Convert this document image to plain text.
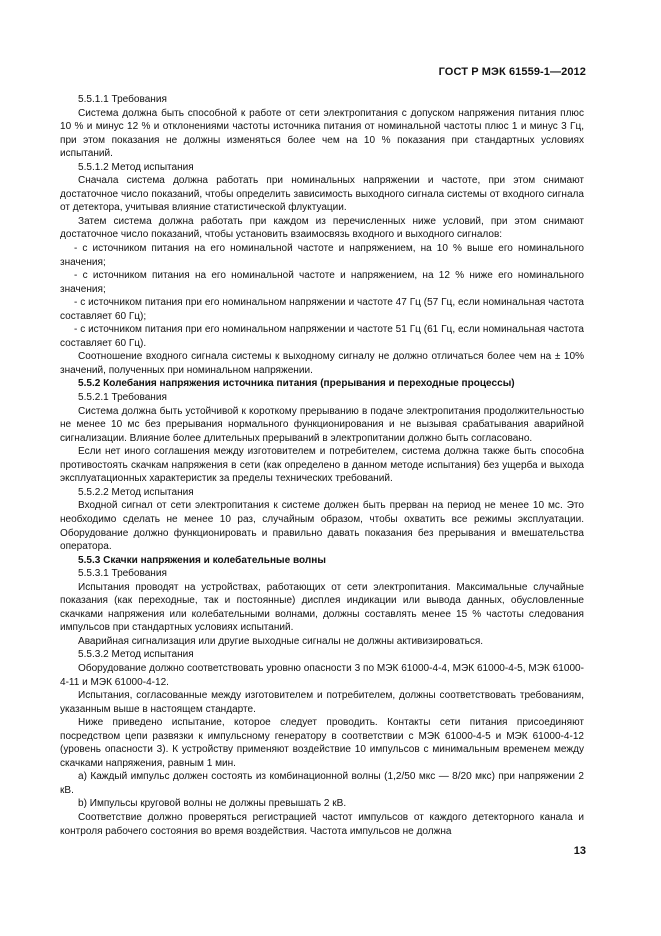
ГОСТ Р МЭК 61559-1—2012

5.5.1.1 Требования

Система должна быть способной к работе от сети электропитания с допуском напряжения питания плюс 10 % и минус 12 % и отклонениями частоты источника питания от номинальной частоты плюс 1 и минус 3 Гц, при этом показания не должны изменяться более чем на 10 % показания при стандартных условиях испытаний.

5.5.1.2 Метод испытания

Сначала система должна работать при номинальных напряжении и частоте, при этом снимают достаточное число показаний, чтобы определить зависимость выходного сигнала системы от входного сигнала от детектора, учитывая влияние статистической флуктуации.

Затем система должна работать при каждом из перечисленных ниже условий, при этом снимают достаточное число показаний, чтобы установить взаимосвязь входного и выходного сигналов:

- с источником питания на его номинальной частоте и напряжением, на 10 % выше его номинального значения;

- с источником питания на его номинальной частоте и напряжением, на 12 % ниже его номинального значения;

- с источником питания при его номинальном напряжении и частоте 47 Гц (57 Гц, если номинальная частота составляет 60 Гц);

- с источником питания при его номинальном напряжении и частоте 51 Гц (61 Гц, если номинальная частота составляет 60 Гц).

Соотношение входного сигнала системы к выходному сигналу не должно отличаться более чем на ± 10% значений, полученных при номинальном напряжении.

5.5.2 Колебания напряжения источника питания (прерывания и переходные процессы)

5.5.2.1 Требования

Система должна быть устойчивой к короткому прерыванию в подаче электропитания продолжительностью не менее 10 мс без прерывания нормального функционирования и не вызывая срабатывания аварийной сигнализации. Влияние более длительных прерываний в электропитании должно быть согласовано.

Если нет иного соглашения между изготовителем и потребителем, система должна также быть способна противостоять скачкам напряжения в сети (как определено в данном методе испытания) без ущерба и выхода эксплуатационных характеристик за пределы технических требований.

5.5.2.2 Метод испытания

Входной сигнал от сети электропитания к системе должен быть прерван на период не менее 10 мс. Это необходимо сделать не менее 10 раз, случайным образом, чтобы охватить все режимы эксплуатации. Оборудование должно функционировать и правильно давать показания без прерывания и вмешательства оператора.

5.5.3 Скачки напряжения и колебательные волны

5.5.3.1 Требования

Испытания проводят на устройствах, работающих от сети электропитания. Максимальные случайные показания (как переходные, так и постоянные) дисплея индикации или вывода данных, обусловленные скачками напряжения или колебательными волнами, должны составлять менее 15 % частоты следования импульсов при стандартных условиях испытаний.

Аварийная сигнализация или другие выходные сигналы не должны активизироваться.

5.5.3.2 Метод испытания

Оборудование должно соответствовать уровню опасности 3 по МЭК 61000-4-4, МЭК 61000-4-5, МЭК 61000-4-11 и МЭК 61000-4-12.

Испытания, согласованные между изготовителем и потребителем, должны соответствовать требованиям, указанным выше в настоящем стандарте.

Ниже приведено испытание, которое следует проводить. Контакты сети питания присоединяют посредством цепи развязки к импульсному генератору в соответствии с МЭК 61000-4-5 и МЭК 61000-4-12 (уровень опасности 3). К устройству применяют воздействие 10 импульсов с минимальным временем между скачками напряжения, равным 1 мин.

а) Каждый импульс должен состоять из комбинационной волны (1,2/50 мкс — 8/20 мкс) при напряжении 2 кВ.

b) Импульсы круговой волны не должны превышать 2 кВ.

Соответствие должно проверяться регистрацией частот импульсов от каждого детекторного канала и контроля рабочего состояния во время воздействия. Частота импульсов не должна

13
